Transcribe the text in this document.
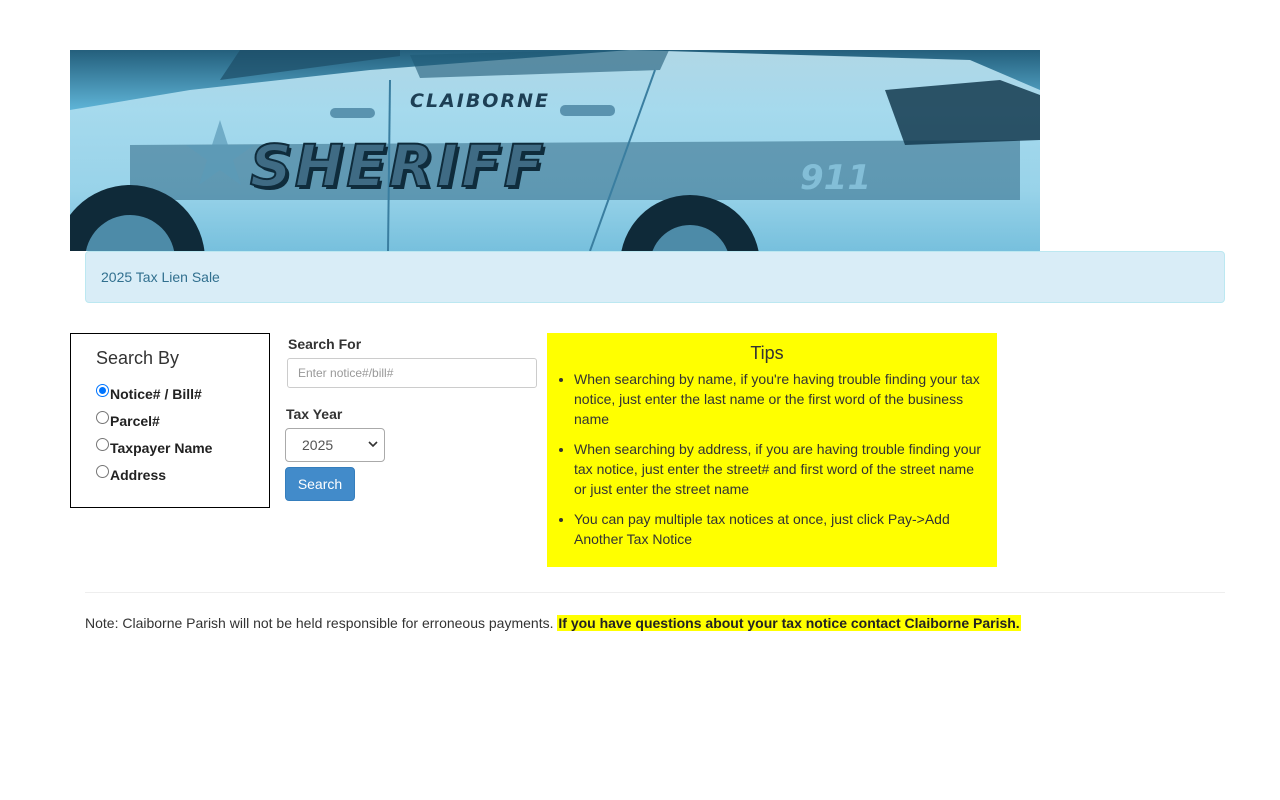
CLAIBORNE
SHERIFF	911
2025 Tax Lien Sale
Search By
Notice# / Bill#
Parcel#
Taxpayer Name
Address
Search For
Enter notice#/bill#
Tax Year
2025
Search
Tips
• When searching by name, if you're having trouble finding your tax notice, just enter the last name or the first word of the business name
• When searching by address, if you are having trouble finding your tax notice, just enter the street# and first word of the street name or just enter the street name
• You can pay multiple tax notices at once, just click Pay->Add Another Tax Notice
Note: Claiborne Parish will not be held responsible for erroneous payments. If you have questions about your tax notice contact Claiborne Parish.
